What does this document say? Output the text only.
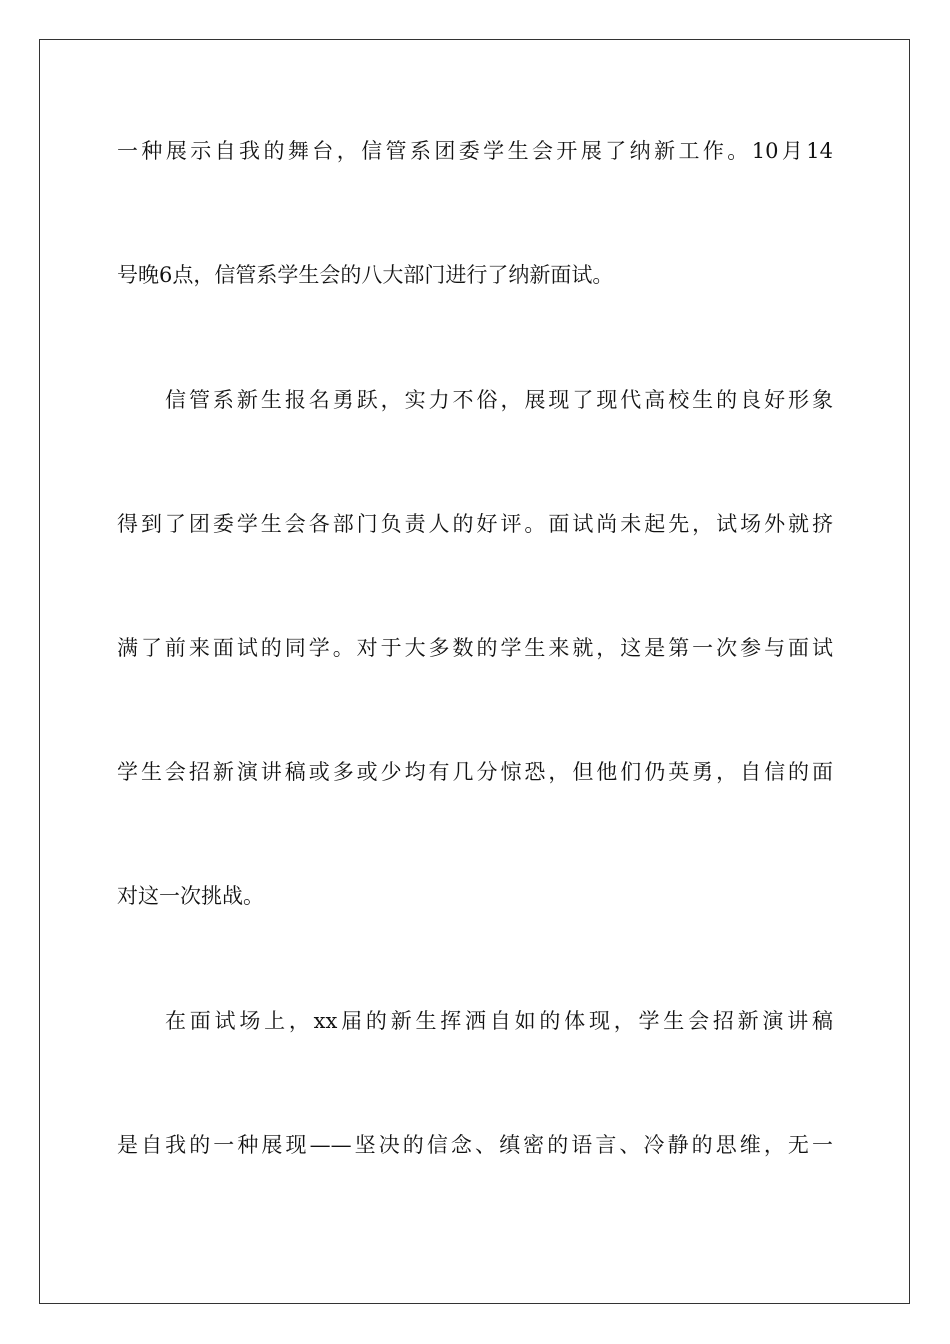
一种展示自我的舞台，信管系团委学生会开展了纳新工作。10月14
号晚6点，信管系学生会的八大部门进行了纳新面试。
信管系新生报名勇跃，实力不俗，展现了现代高校生的良好形象
得到了团委学生会各部门负责人的好评。面试尚未起先，试场外就挤
满了前来面试的同学。对于大多数的学生来就，这是第一次参与面试
学生会招新演讲稿或多或少均有几分惊恐，但他们仍英勇，自信的面
对这一次挑战。
在面试场上，xx届的新生挥洒自如的体现，学生会招新演讲稿
是自我的一种展现——坚决的信念、缜密的语言、冷静的思维，无一
